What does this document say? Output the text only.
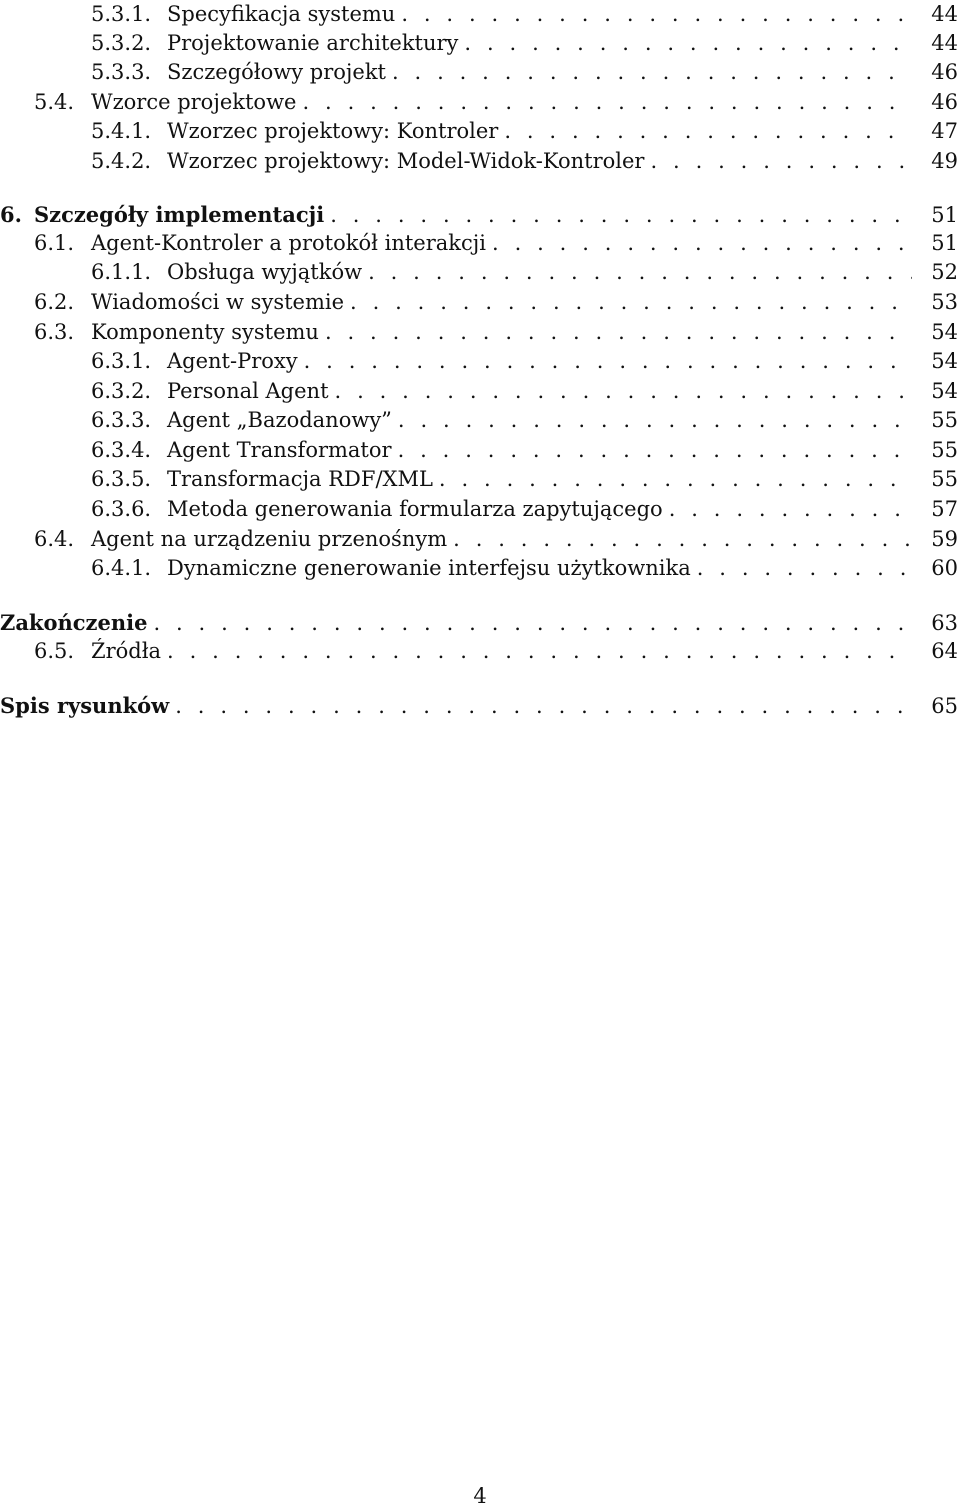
5.3.1. Specyfikacja systemu . . .	44
5.3.2. Projektowanie architektury . . .	44
5.3.3. Szczegółowy projekt . . .	46
5.4. Wzorce projektowe . . .	46
5.4.1. Wzorzec projektowy: Kontroler . . .	47
5.4.2. Wzorzec projektowy: Model-Widok-Kontroler . . .	49
6. Szczegóły implementacji . . .	51
6.1. Agent-Kontroler a protokół interakcji . . .	51
6.1.1. Obsługa wyjątków . . .	52
6.2. Wiadomości w systemie . . .	53
6.3. Komponenty systemu . . .	54
6.3.1. Agent-Proxy . . .	54
6.3.2. Personal Agent . . .	54
6.3.3. Agent „Bazodanowy” . . .	55
6.3.4. Agent Transformator . . .	55
6.3.5. Transformacja RDF/XML . . .	55
6.3.6. Metoda generowania formularza zapytującego . . .	57
6.4. Agent na urządzeniu przenośnym . . .	59
6.4.1. Dynamiczne generowanie interfejsu użytkownika . . .	60
Zakończenie . . .	63
6.5. Źródła . . .	64
Spis rysunków . . .	65
4
